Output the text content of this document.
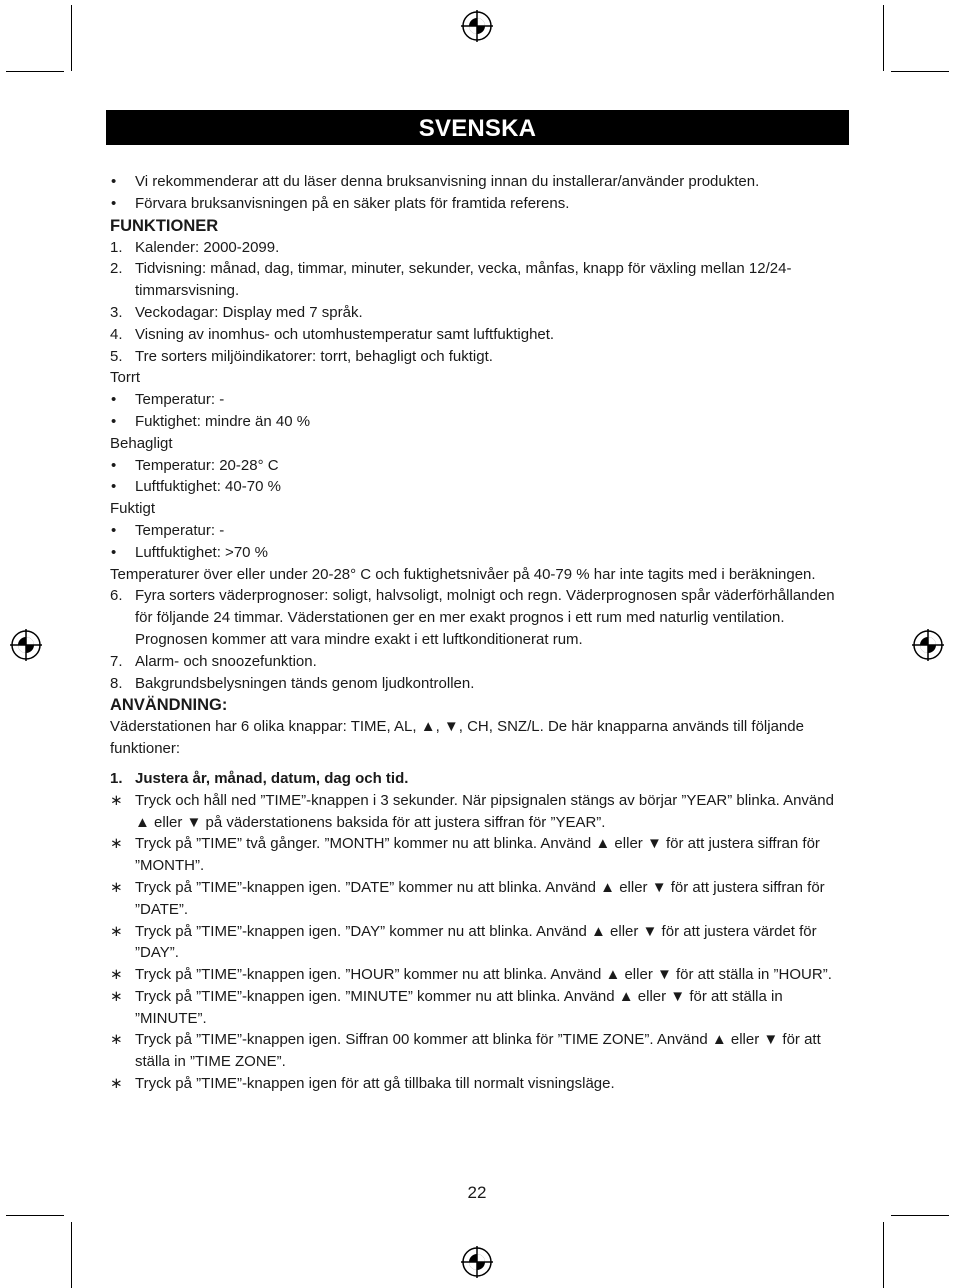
SVENSKA
• Vi rekommenderar att du läser denna bruksanvisning innan du installerar/använder produkten.
• Förvara bruksanvisningen på en säker plats för framtida referens.

FUNKTIONER

1. Kalender: 2000-2099.
2. Tidvisning: månad, dag, timmar, minuter, sekunder, vecka, månfas, knapp för växling mellan 12/24-timmarsvisning.
3. Veckodagar: Display med 7 språk.
4. Visning av inomhus- och utomhustemperatur samt luftfuktighet.
5. Tre sorters miljöindikatorer: torrt, behagligt och fuktigt.

Torrt

• Temperatur: -
• Fuktighet: mindre än 40 %

Behagligt

• Temperatur: 20-28° C
• Luftfuktighet: 40-70 %

Fuktigt

• Temperatur: -
• Luftfuktighet: >70 %

Temperaturer över eller under 20-28° C och fuktighetsnivåer på 40-79 % har inte tagits med i beräkningen.

6. Fyra sorters väderprognoser: soligt, halvsoligt, molnigt och regn. Väderprognosen spår väderförhållanden för följande 24 timmar. Väderstationen ger en mer exakt prognos i ett rum med naturlig ventilation. Prognosen kommer att vara mindre exakt i ett luftkonditionerat rum.
7. Alarm- och snoozefunktion.
8. Bakgrundsbelysningen tänds genom ljudkontrollen.

ANVÄNDNING:

Väderstationen har 6 olika knappar: TIME, AL, ▲, ▼, CH, SNZ/L. De här knapparna används till följande funktioner:

1. Justera år, månad, datum, dag och tid.
∗ Tryck och håll ned ”TIME”-knappen i 3 sekunder. När pipsignalen stängs av börjar ”YEAR” blinka. Använd ▲ eller ▼ på väderstationens baksida för att justera siffran för ”YEAR”.
∗ Tryck på ”TIME” två gånger. ”MONTH” kommer nu att blinka. Använd ▲ eller ▼ för att justera siffran för ”MONTH”.
∗ Tryck på ”TIME”-knappen igen. ”DATE” kommer nu att blinka. Använd ▲ eller ▼ för att justera siffran för ”DATE”.
∗ Tryck på ”TIME”-knappen igen. ”DAY” kommer nu att blinka. Använd ▲ eller ▼ för att justera värdet för ”DAY”.
∗ Tryck på ”TIME”-knappen igen. ”HOUR” kommer nu att blinka. Använd ▲ eller ▼ för att ställa in ”HOUR”.
∗ Tryck på ”TIME”-knappen igen. ”MINUTE” kommer nu att blinka. Använd ▲ eller ▼ för att ställa in ”MINUTE”.
∗ Tryck på ”TIME”-knappen igen. Siffran 00 kommer att blinka för ”TIME ZONE”. Använd ▲ eller ▼ för att ställa in ”TIME ZONE”.
∗ Tryck på ”TIME”-knappen igen för att gå tillbaka till normalt visningsläge.
22
